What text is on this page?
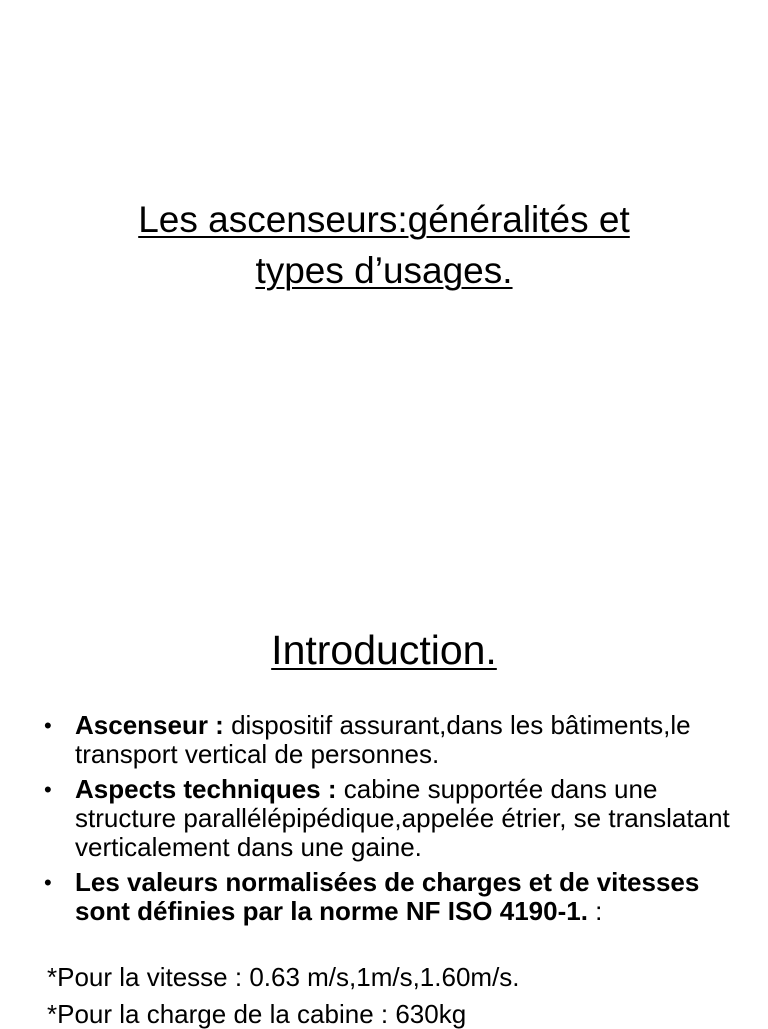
Les ascenseurs:généralités et
types d’usages.
Introduction.
• Ascenseur : dispositif assurant,dans les bâtiments,le transport vertical de personnes.
• Aspects techniques : cabine supportée dans une structure parallélépipédique,appelée étrier, se translatant verticalement dans une gaine.
• Les valeurs normalisées de charges et de vitesses sont définies par la norme NF ISO 4190-1. :

*Pour la vitesse : 0.63 m/s,1m/s,1.60m/s.

*Pour la charge de la cabine : 630kg
